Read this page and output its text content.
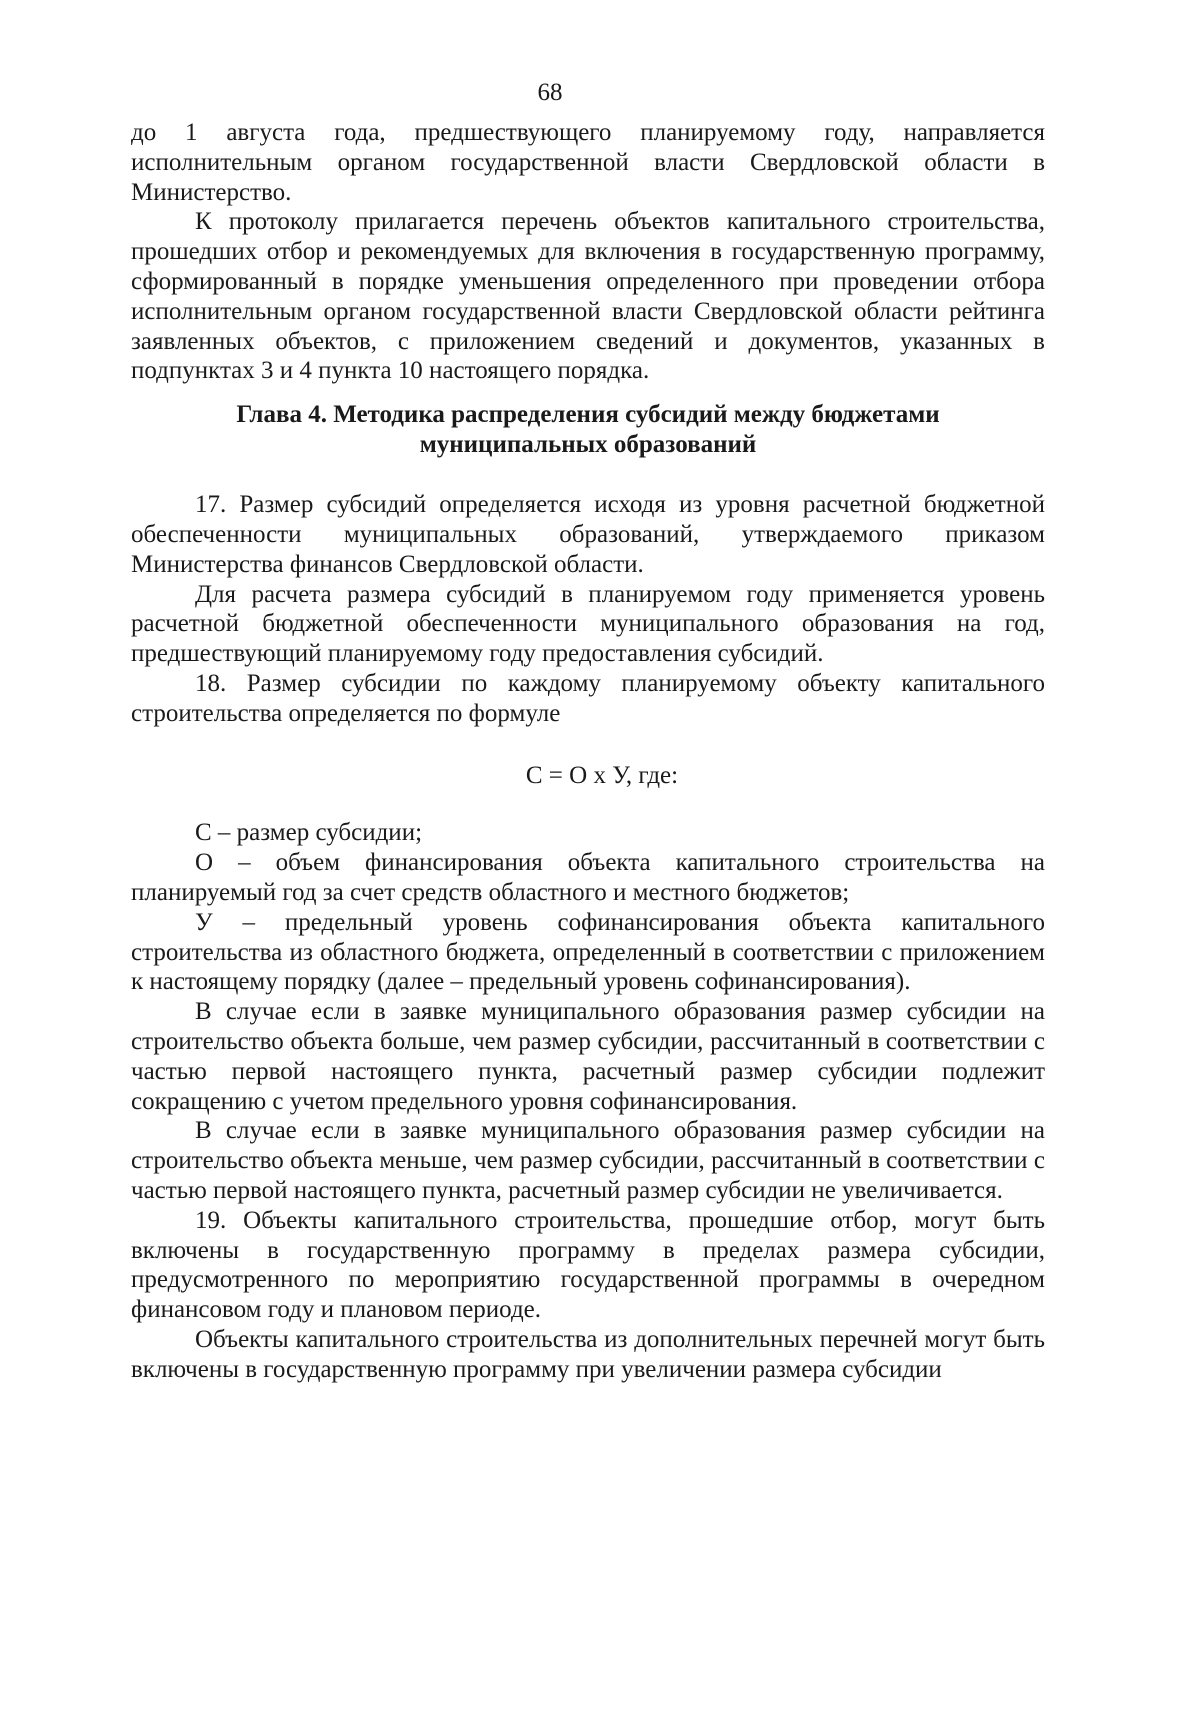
68

до 1 августа года, предшествующего планируемому году, направляется исполнительным органом государственной власти Свердловской области в Министерство.

К протоколу прилагается перечень объектов капитального строительства, прошедших отбор и рекомендуемых для включения в государственную программу, сформированный в порядке уменьшения определенного при проведении отбора исполнительным органом государственной власти Свердловской области рейтинга заявленных объектов, с приложением сведений и документов, указанных в подпунктах 3 и 4 пункта 10 настоящего порядка.

Глава 4. Методика распределения субсидий между бюджетами
муниципальных образований

17. Размер субсидий определяется исходя из уровня расчетной бюджетной обеспеченности муниципальных образований, утверждаемого приказом Министерства финансов Свердловской области.

Для расчета размера субсидий в планируемом году применяется уровень расчетной бюджетной обеспеченности муниципального образования на год, предшествующий планируемому году предоставления субсидий.

18. Размер субсидии по каждому планируемому объекту капитального строительства определяется по формуле

С = О х У, где:

С – размер субсидии;

О – объем финансирования объекта капитального строительства на планируемый год за счет средств областного и местного бюджетов;

У – предельный уровень софинансирования объекта капитального строительства из областного бюджета, определенный в соответствии с приложением к настоящему порядку (далее – предельный уровень софинансирования).

В случае если в заявке муниципального образования размер субсидии на строительство объекта больше, чем размер субсидии, рассчитанный в соответствии с частью первой настоящего пункта, расчетный размер субсидии подлежит сокращению с учетом предельного уровня софинансирования.

В случае если в заявке муниципального образования размер субсидии на строительство объекта меньше, чем размер субсидии, рассчитанный в соответствии с частью первой настоящего пункта, расчетный размер субсидии не увеличивается.

19. Объекты капитального строительства, прошедшие отбор, могут быть включены в государственную программу в пределах размера субсидии, предусмотренного по мероприятию государственной программы в очередном финансовом году и плановом периоде.

Объекты капитального строительства из дополнительных перечней могут быть включены в государственную программу при увеличении размера субсидии
